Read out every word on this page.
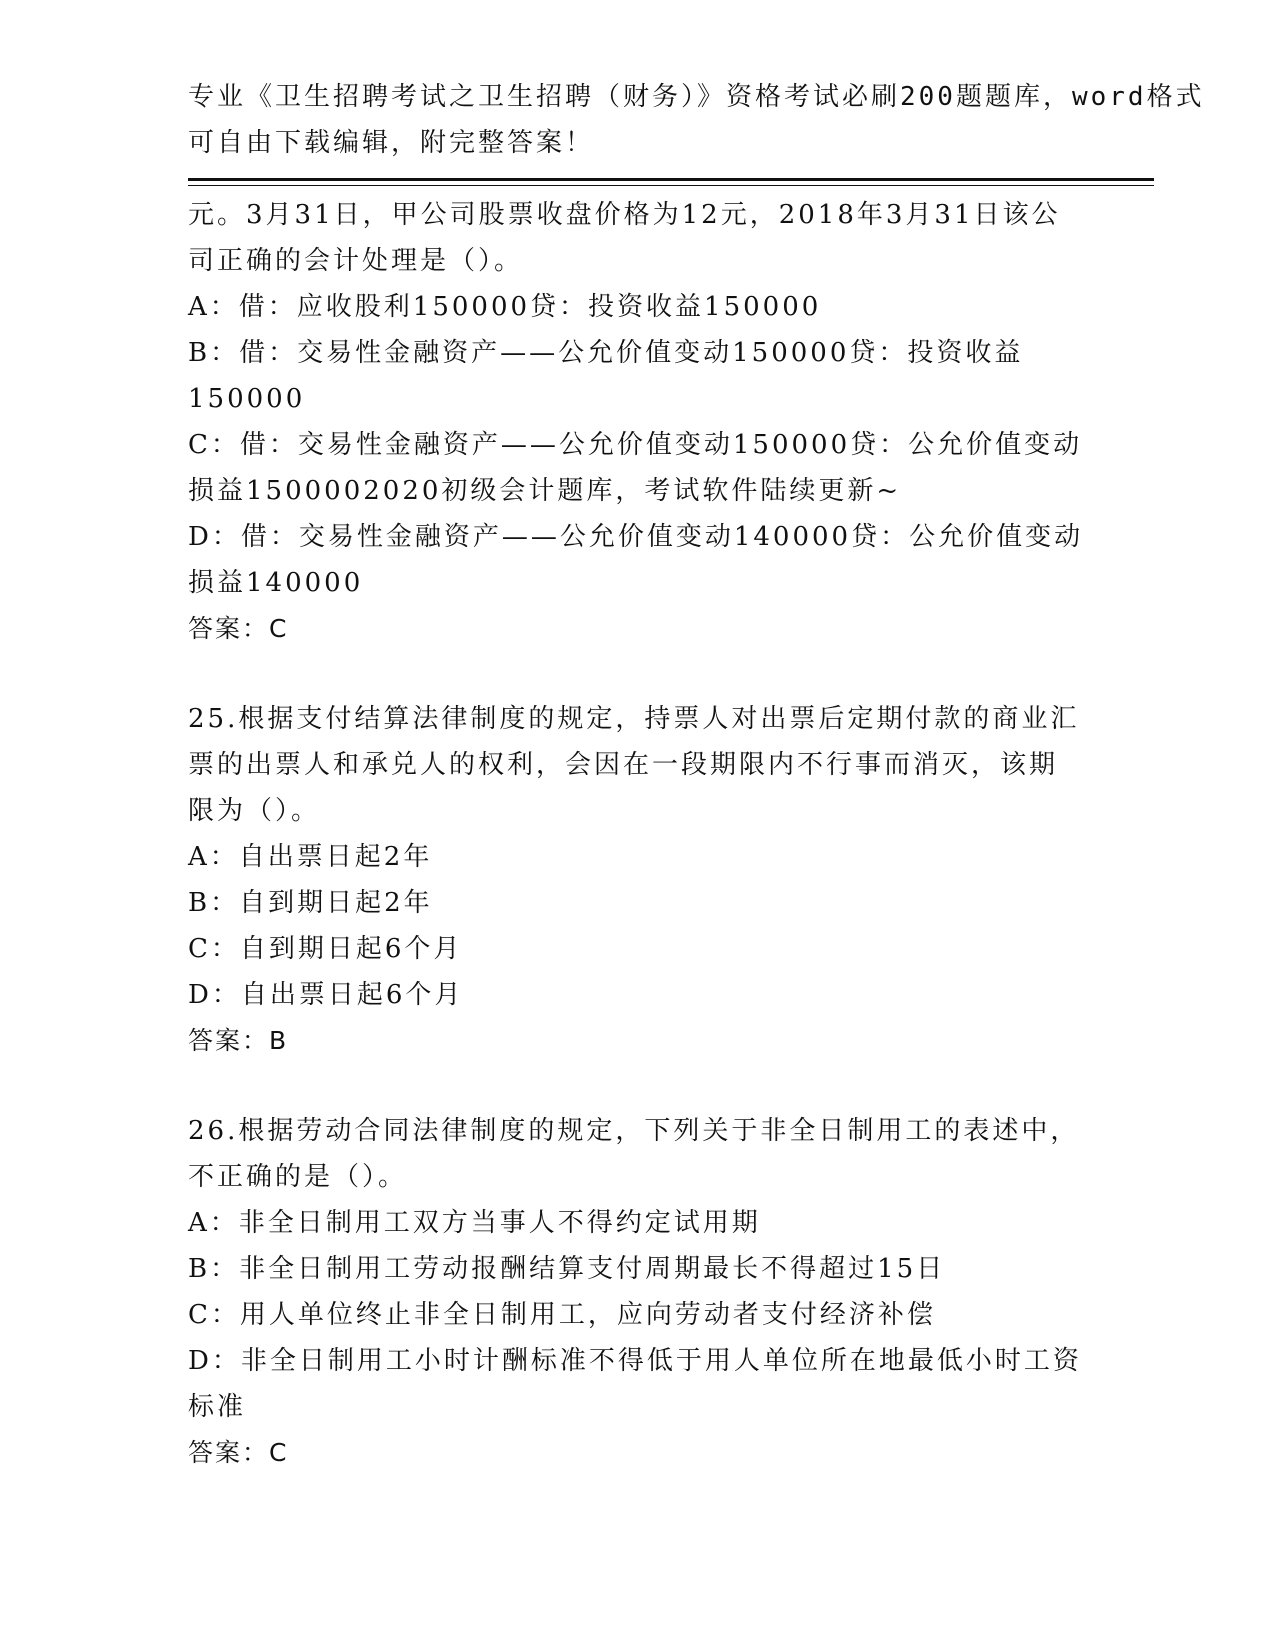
专业《卫生招聘考试之卫生招聘（财务）》资格考试必刷200题题库，word格式
可自由下载编辑，附完整答案！
元。3月31日，甲公司股票收盘价格为12元，2018年3月31日该公
司正确的会计处理是（）。
A：借：应收股利150000贷：投资收益150000
B：借：交易性金融资产——公允价值变动150000贷：投资收益
150000
C：借：交易性金融资产——公允价值变动150000贷：公允价值变动
损益1500002020初级会计题库，考试软件陆续更新~
D：借：交易性金融资产——公允价值变动140000贷：公允价值变动
损益140000
答案：C
25.根据支付结算法律制度的规定，持票人对出票后定期付款的商业汇
票的出票人和承兑人的权利，会因在一段期限内不行事而消灭，该期
限为（）。
A：自出票日起2年
B：自到期日起2年
C：自到期日起6个月
D：自出票日起6个月
答案：B
26.根据劳动合同法律制度的规定，下列关于非全日制用工的表述中，
不正确的是（）。
A：非全日制用工双方当事人不得约定试用期
B：非全日制用工劳动报酬结算支付周期最长不得超过15日
C：用人单位终止非全日制用工，应向劳动者支付经济补偿
D：非全日制用工小时计酬标准不得低于用人单位所在地最低小时工资
标准
答案：C
